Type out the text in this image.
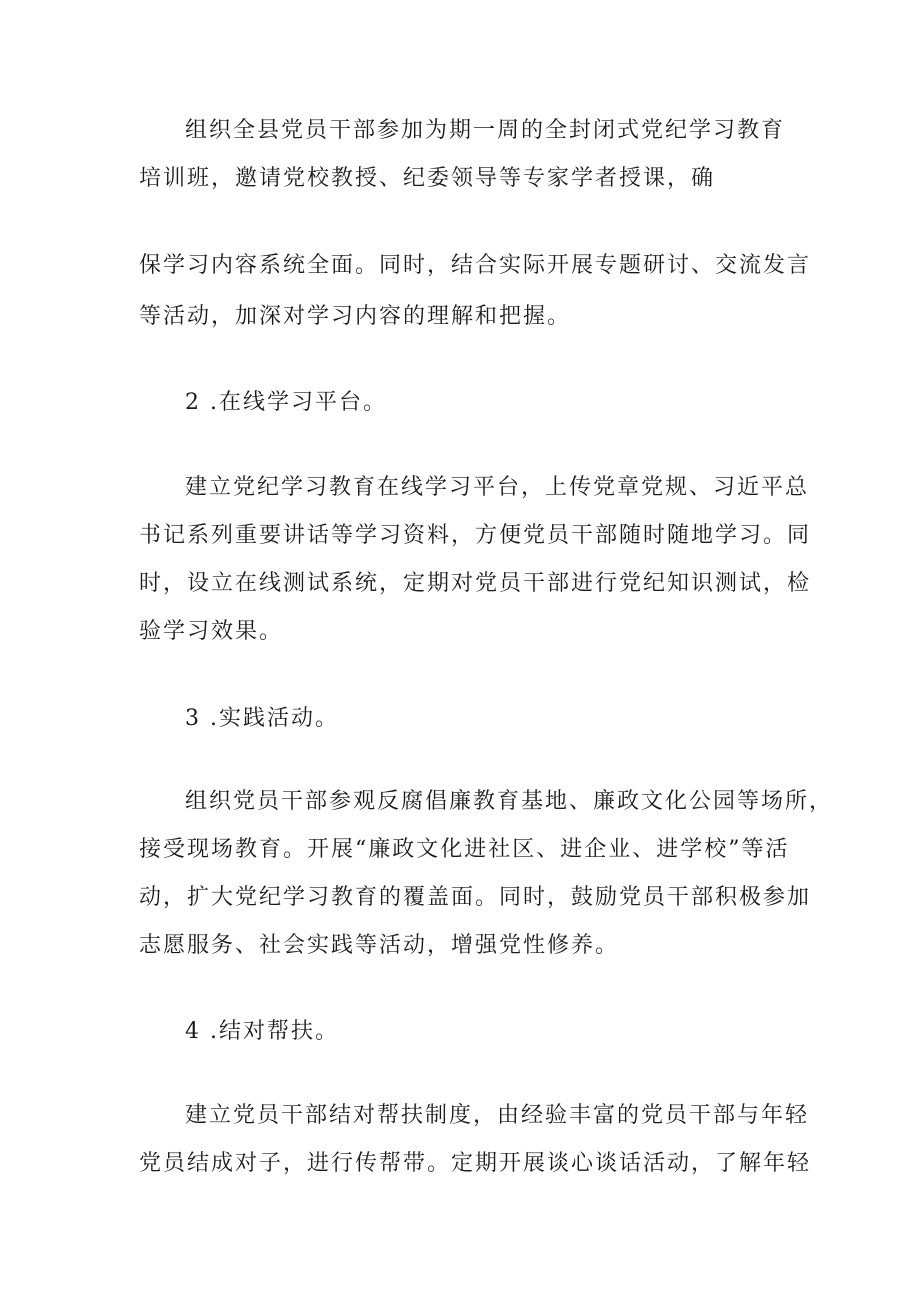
组织全县党员干部参加为期一周的全封闭式党纪学习教育
培训班，邀请党校教授、纪委领导等专家学者授课，确
保学习内容系统全面。同时，结合实际开展专题研讨、交流发言
等活动，加深对学习内容的理解和把握。
2 .在线学习平台。
建立党纪学习教育在线学习平台，上传党章党规、习近平总
书记系列重要讲话等学习资料，方便党员干部随时随地学习。同
时，设立在线测试系统，定期对党员干部进行党纪知识测试，检
验学习效果。
3 .实践活动。
组织党员干部参观反腐倡廉教育基地、廉政文化公园等场所，
接受现场教育。开展“廉政文化进社区、进企业、进学校”等活
动，扩大党纪学习教育的覆盖面。同时，鼓励党员干部积极参加
志愿服务、社会实践等活动，增强党性修养。
4 .结对帮扶。
建立党员干部结对帮扶制度，由经验丰富的党员干部与年轻
党员结成对子，进行传帮带。定期开展谈心谈话活动，了解年轻
